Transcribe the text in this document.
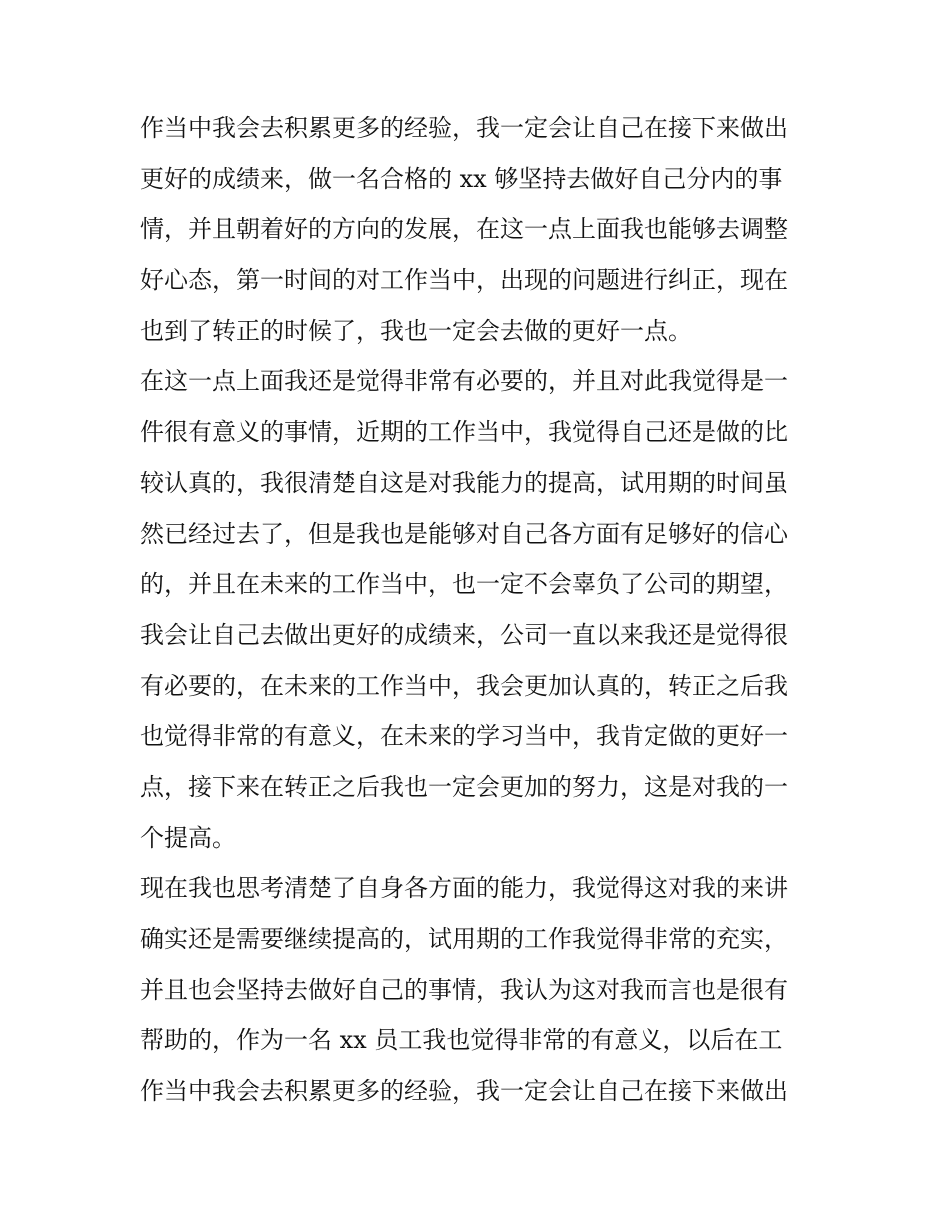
作当中我会去积累更多的经验，我一定会让自己在接下来做出
更好的成绩来，做一名合格的 xx 够坚持去做好自己分内的事
情，并且朝着好的方向的发展，在这一点上面我也能够去调整
好心态，第一时间的对工作当中，出现的问题进行纠正，现在
也到了转正的时候了，我也一定会去做的更好一点。
在这一点上面我还是觉得非常有必要的，并且对此我觉得是一
件很有意义的事情，近期的工作当中，我觉得自己还是做的比
较认真的，我很清楚自这是对我能力的提高，试用期的时间虽
然已经过去了，但是我也是能够对自己各方面有足够好的信心
的，并且在未来的工作当中，也一定不会辜负了公司的期望，
我会让自己去做出更好的成绩来，公司一直以来我还是觉得很
有必要的，在未来的工作当中，我会更加认真的，转正之后我
也觉得非常的有意义，在未来的学习当中，我肯定做的更好一
点，接下来在转正之后我也一定会更加的努力，这是对我的一
个提高。
现在我也思考清楚了自身各方面的能力，我觉得这对我的来讲
确实还是需要继续提高的，试用期的工作我觉得非常的充实，
并且也会坚持去做好自己的事情，我认为这对我而言也是很有
帮助的，作为一名 xx 员工我也觉得非常的有意义，以后在工
作当中我会去积累更多的经验，我一定会让自己在接下来做出
